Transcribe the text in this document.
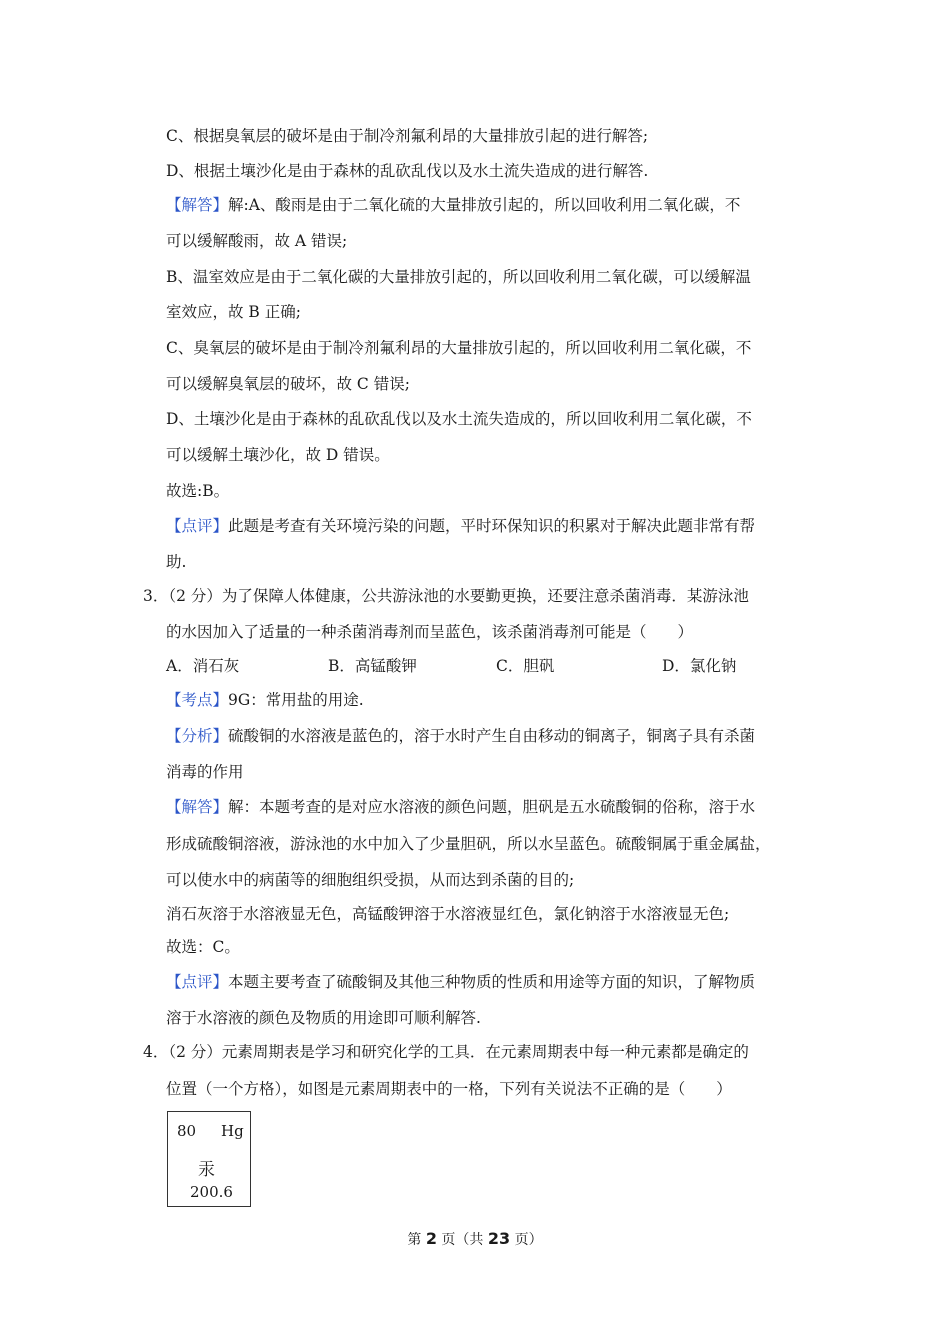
C、根据臭氧层的破坏是由于制冷剂氟利昂的大量排放引起的进行解答;
D、根据土壤沙化是由于森林的乱砍乱伐以及水土流失造成的进行解答.
【解答】解:A、酸雨是由于二氧化硫的大量排放引起的，所以回收利用二氧化碳，不
可以缓解酸雨，故 A 错误;
B、温室效应是由于二氧化碳的大量排放引起的，所以回收利用二氧化碳，可以缓解温
室效应，故 B 正确;
C、臭氧层的破坏是由于制冷剂氟利昂的大量排放引起的，所以回收利用二氧化碳，不
可以缓解臭氧层的破坏，故 C 错误;
D、土壤沙化是由于森林的乱砍乱伐以及水土流失造成的，所以回收利用二氧化碳，不
可以缓解土壤沙化，故 D 错误。
故选:B。
【点评】此题是考查有关环境污染的问题，平时环保知识的积累对于解决此题非常有帮
助.
3．（2 分）为了保障人体健康，公共游泳池的水要勤更换，还要注意杀菌消毒．某游泳池
的水因加入了适量的一种杀菌消毒剂而呈蓝色，该杀菌消毒剂可能是（　　）
【考点】9G：常用盐的用途.
【分析】硫酸铜的水溶液是蓝色的，溶于水时产生自由移动的铜离子，铜离子具有杀菌
消毒的作用
【解答】解：本题考查的是对应水溶液的颜色问题，胆矾是五水硫酸铜的俗称，溶于水
形成硫酸铜溶液，游泳池的水中加入了少量胆矾，所以水呈蓝色。硫酸铜属于重金属盐，
可以使水中的病菌等的细胞组织受损，从而达到杀菌的目的;
消石灰溶于水溶液显无色，高锰酸钾溶于水溶液显红色，氯化钠溶于水溶液显无色;
故选：C。
【点评】本题主要考查了硫酸铜及其他三种物质的性质和用途等方面的知识，了解物质
溶于水溶液的颜色及物质的用途即可顺利解答.
4．（2 分）元素周期表是学习和研究化学的工具．在元素周期表中每一种元素都是确定的
位置（一个方格），如图是元素周期表中的一格，下列有关说法不正确的是（　　）
A．消石灰	B．高锰酸钾	C．胆矾	D．氯化钠
80 Hg
汞
200.6
第 2 页（共 23 页）
